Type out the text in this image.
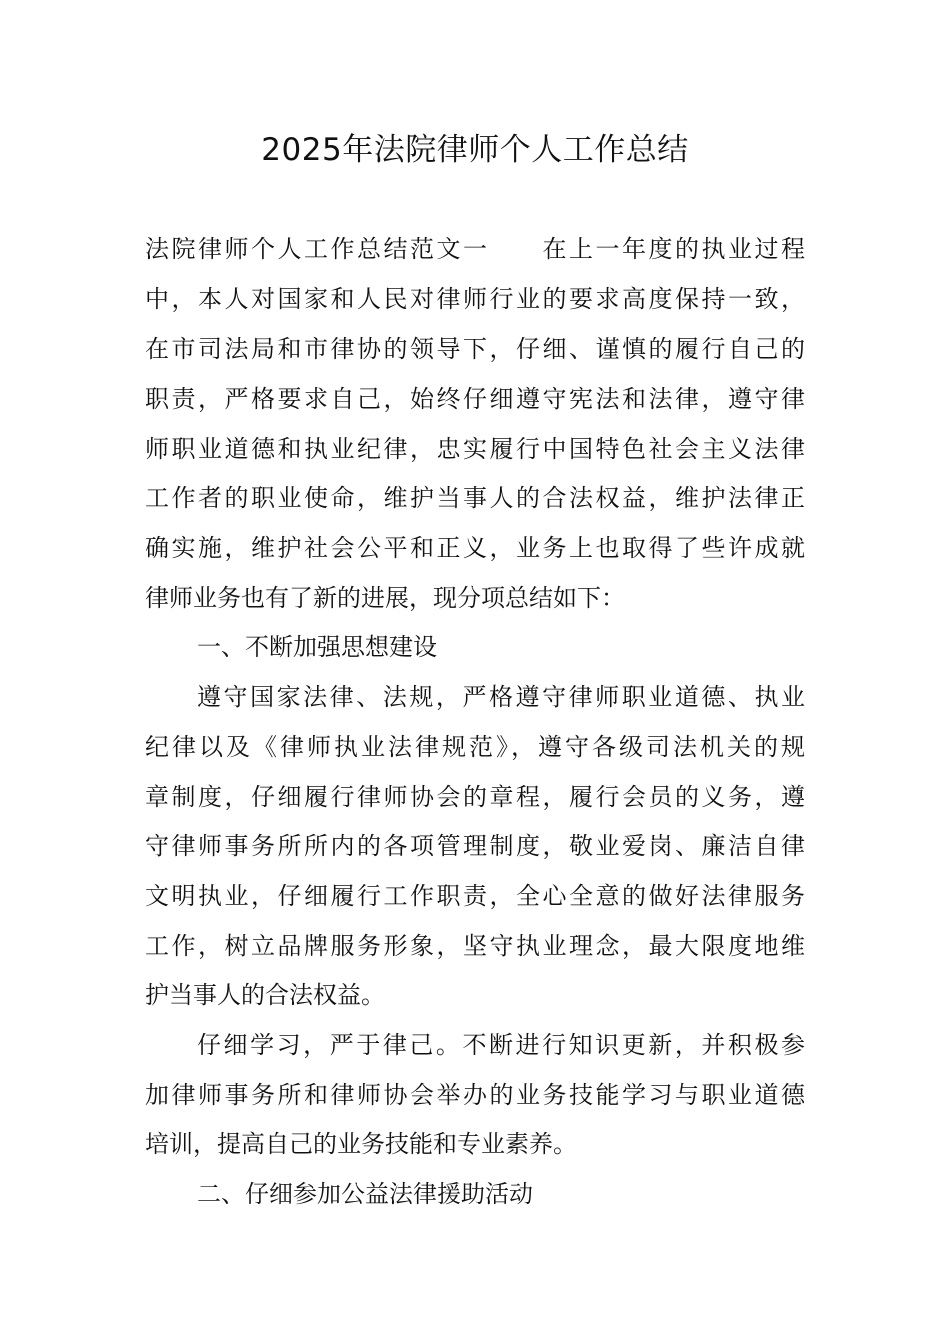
2025年法院律师个人工作总结
法院律师个人工作总结范文一　　在上一年度的执业过程
中，本人对国家和人民对律师行业的要求高度保持一致，
在市司法局和市律协的领导下，仔细、谨慎的履行自己的
职责，严格要求自己，始终仔细遵守宪法和法律，遵守律
师职业道德和执业纪律，忠实履行中国特色社会主义法律
工作者的职业使命，维护当事人的合法权益，维护法律正
确实施，维护社会公平和正义，业务上也取得了些许成就
律师业务也有了新的进展，现分项总结如下：
一、不断加强思想建设
遵守国家法律、法规，严格遵守律师职业道德、执业
纪律以及《律师执业法律规范》，遵守各级司法机关的规
章制度，仔细履行律师协会的章程，履行会员的义务，遵
守律师事务所所内的各项管理制度，敬业爱岗、廉洁自律
文明执业，仔细履行工作职责，全心全意的做好法律服务
工作，树立品牌服务形象，坚守执业理念，最大限度地维
护当事人的合法权益。
仔细学习，严于律己。不断进行知识更新，并积极参
加律师事务所和律师协会举办的业务技能学习与职业道德
培训，提高自己的业务技能和专业素养。
二、仔细参加公益法律援助活动
